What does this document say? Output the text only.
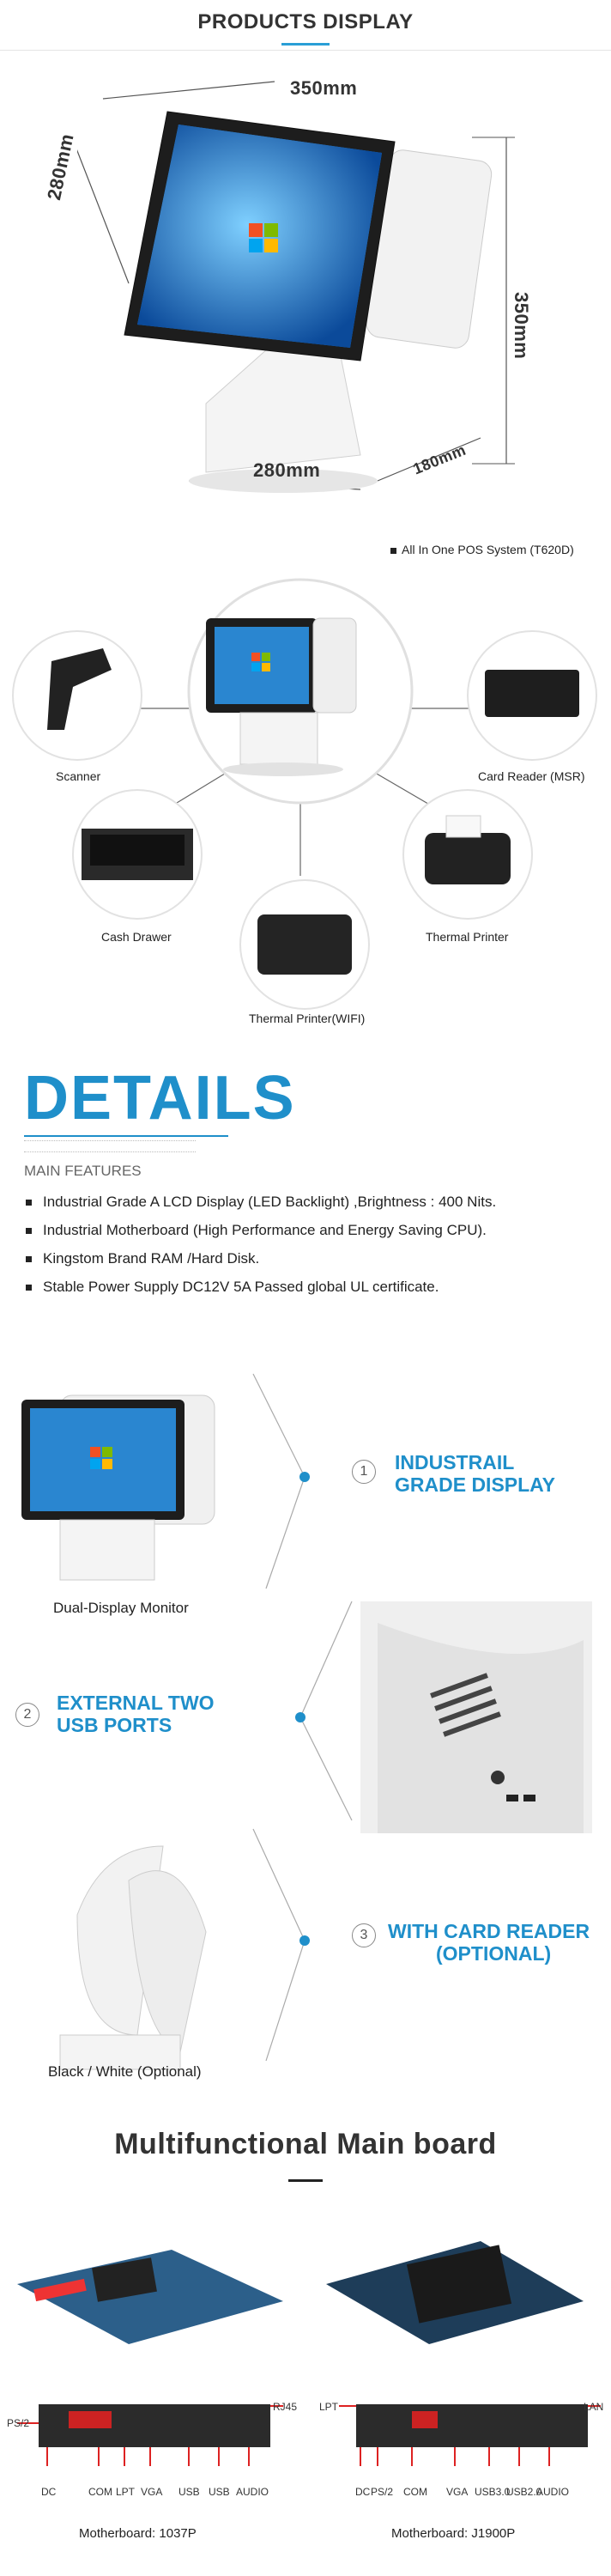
PRODUCTS DISPLAY
350mm
280mm
350mm
280mm	180mm
All In One POS System (T620D)
Scanner	Card Reader (MSR)
Cash Drawer	Thermal Printer
Thermal Printer(WIFI)
DETAILS
MAIN FEATURES
Industrial Grade A LCD Display (LED Backlight) ,Brightness : 400 Nits.
Industrial Motherboard (High Performance and Energy Saving CPU).
Kingstom Brand RAM /Hard Disk.
Stable Power Supply DC12V 5A Passed global UL certificate.
1	INDUSTRAIL
GRADE DISPLAY
Dual-Display Monitor
2
EXTERNAL TWO
USB PORTS
3	WITH CARD READER
(OPTIONAL)
Black / White (Optional)
Multifunctional Main board
PS/2
RJ45
DC	COM LPT VGA USB USB AUDIO
Motherboard: 1037P
LPT	LAN
DC PS/2 COM VGA USB3.0
USB2.0
AUDIO
Motherboard: J1900P
